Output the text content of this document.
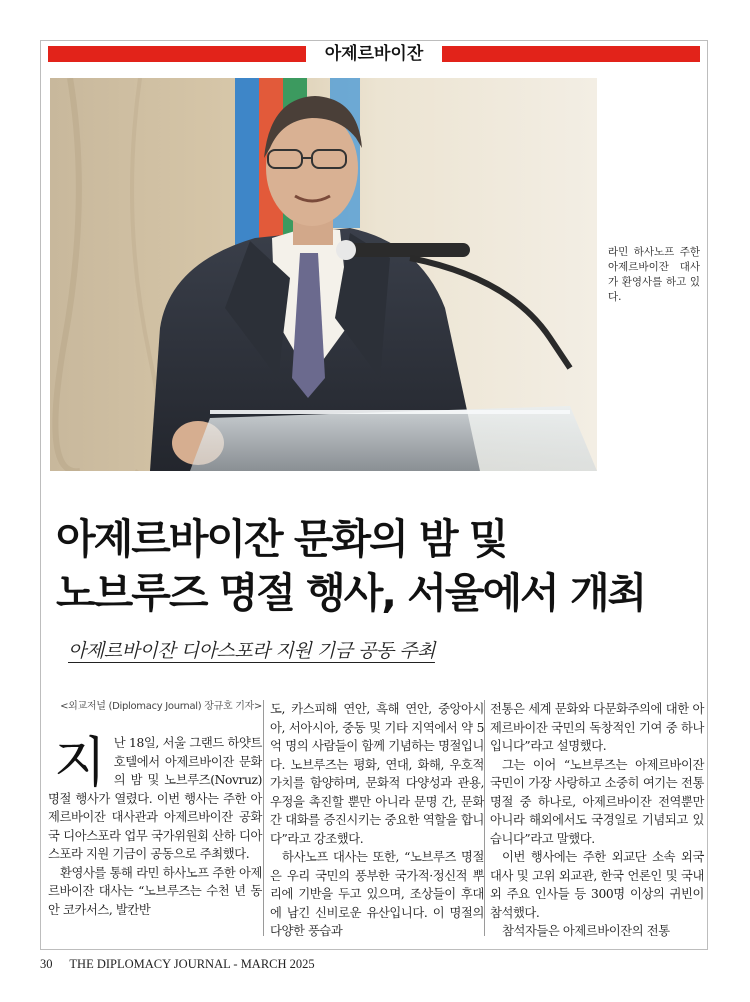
아제르바이잔
라민 하사노프 주한 아제르바이잔 대사가 환영사를 하고 있다.
아제르바이잔 문화의 밤 및
노브루즈 명절 행사, 서울에서 개최
아제르바이잔 디아스포라 지원 기금 공동 주최
<외교저널 (Diplomacy Journal) 장규호 기자>

지난 18일, 서울 그랜드 하얏트 호텔에서 아제르바이잔 문화의 밤 및 노브루즈(Novruz) 명절 행사가 열렸다. 이번 행사는 주한 아제르바이잔 대사관과 아제르바이잔 공화국 디아스포라 업무 국가위원회 산하 디아스포라 지원 기금이 공동으로 주최했다.

환영사를 통해 라민 하사노프 주한 아제르바이잔 대사는 “노브루즈는 수천 년 동안 코카서스, 발칸반

도, 카스피해 연안, 흑해 연안, 중앙아시아, 서아시아, 중동 및 기타 지역에서 약 5억 명의 사람들이 함께 기념하는 명절입니다. 노브루즈는 평화, 연대, 화해, 우호적 가치를 함양하며, 문화적 다양성과 관용, 우정을 촉진할 뿐만 아니라 문명 간, 문화 간 대화를 증진시키는 중요한 역할을 합니다”라고 강조했다.

하사노프 대사는 또한, “노브루즈 명절은 우리 국민의 풍부한 국가적·정신적 뿌리에 기반을 두고 있으며, 조상들이 후대에 남긴 신비로운 유산입니다. 이 명절의 다양한 풍습과

전통은 세계 문화와 다문화주의에 대한 아제르바이잔 국민의 독창적인 기여 중 하나입니다”라고 설명했다.

그는 이어 “노브루즈는 아제르바이잔 국민이 가장 사랑하고 소중히 여기는 전통 명절 중 하나로, 아제르바이잔 전역뿐만 아니라 해외에서도 국경일로 기념되고 있습니다”라고 말했다.

이번 행사에는 주한 외교단 소속 외국 대사 및 고위 외교관, 한국 언론인 및 국내외 주요 인사들 등 300명 이상의 귀빈이 참석했다.

참석자들은 아제르바이잔의 전통

30 THE DIPLOMACY JOURNAL - MARCH 2025
